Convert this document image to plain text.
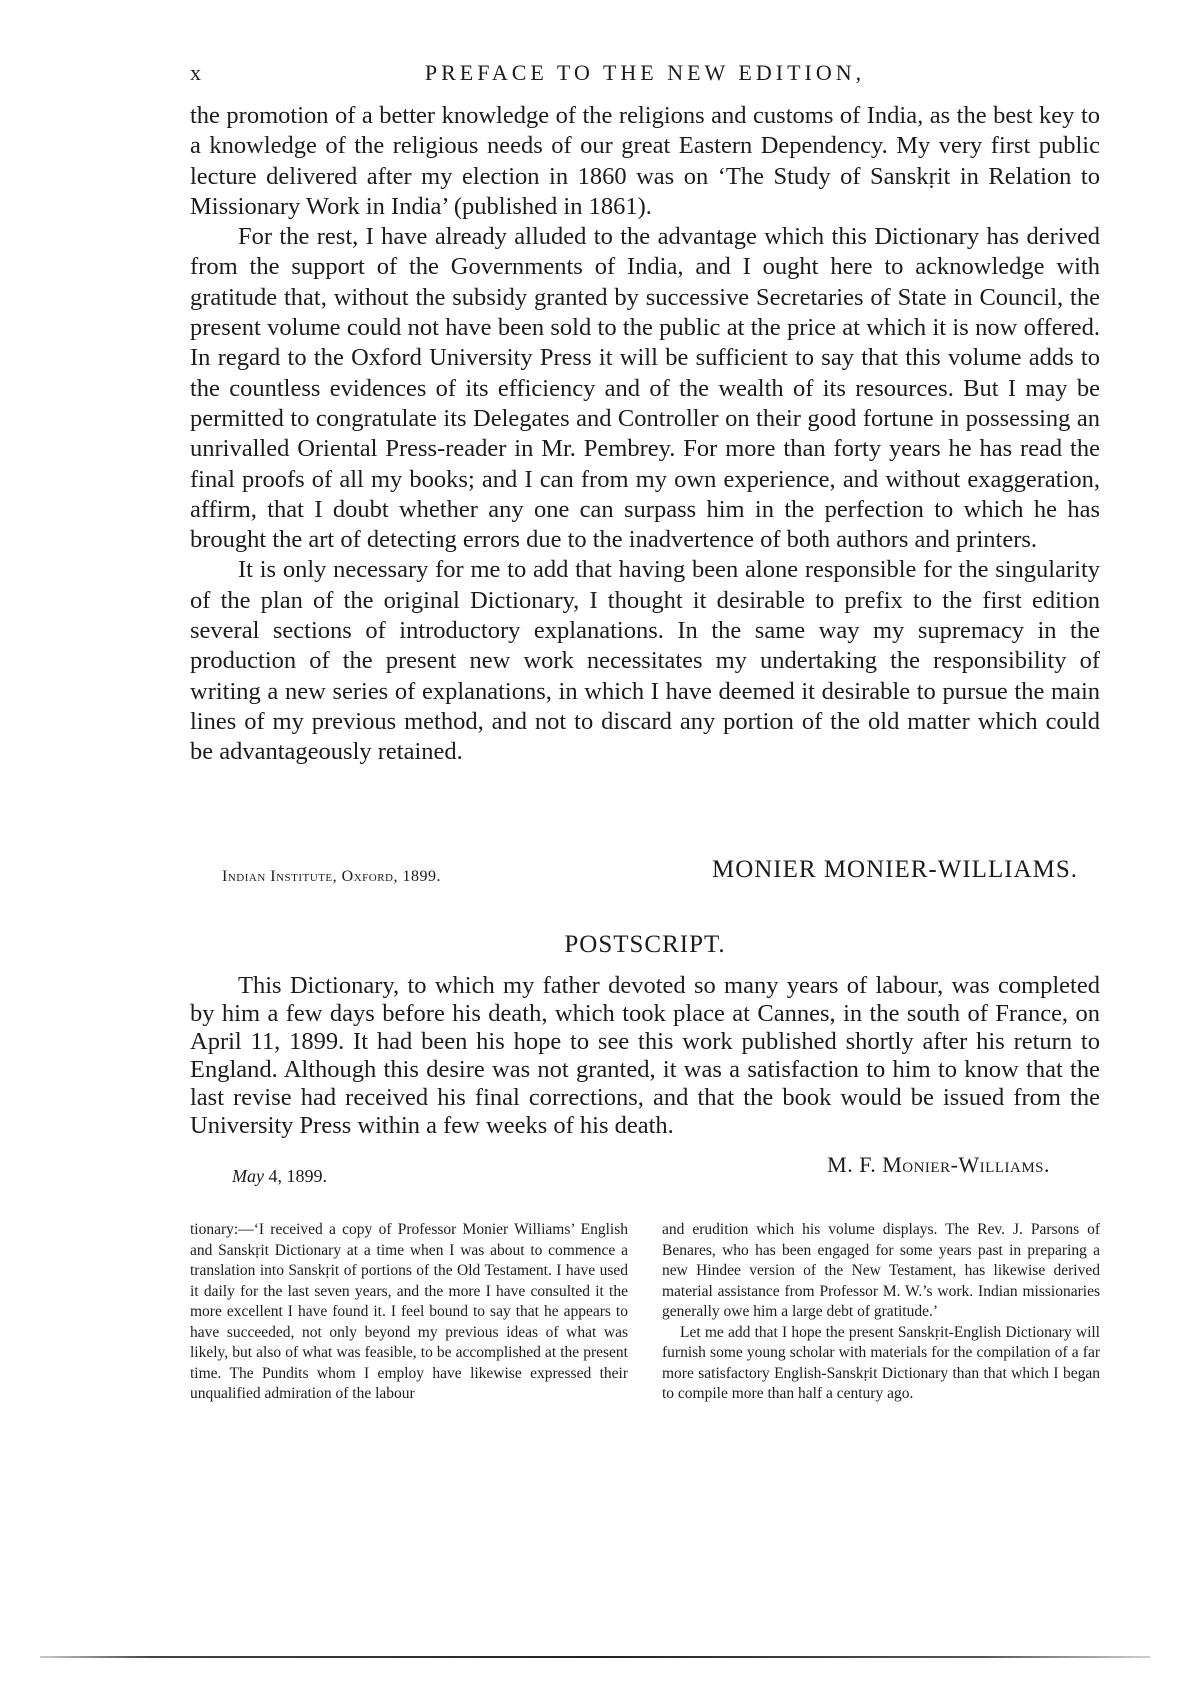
x	PREFACE TO THE NEW EDITION,

the promotion of a better knowledge of the religions and customs of India, as the best key to a knowledge of the religious needs of our great Eastern Dependency. My very first public lecture delivered after my election in 1860 was on ‘The Study of Sanskṛit in Relation to Missionary Work in India’ (published in 1861).

For the rest, I have already alluded to the advantage which this Dictionary has derived from the support of the Governments of India, and I ought here to acknowledge with gratitude that, without the subsidy granted by successive Secretaries of State in Council, the present volume could not have been sold to the public at the price at which it is now offered. In regard to the Oxford University Press it will be sufficient to say that this volume adds to the countless evidences of its efficiency and of the wealth of its resources. But I may be permitted to congratulate its Delegates and Controller on their good fortune in possessing an unrivalled Oriental Press-reader in Mr. Pembrey. For more than forty years he has read the final proofs of all my books; and I can from my own experience, and without exaggeration, affirm, that I doubt whether any one can surpass him in the perfection to which he has brought the art of detecting errors due to the inadvertence of both authors and printers.

It is only necessary for me to add that having been alone responsible for the singularity of the plan of the original Dictionary, I thought it desirable to prefix to the first edition several sections of introductory explanations. In the same way my supremacy in the production of the present new work necessitates my undertaking the responsibility of writing a new series of explanations, in which I have deemed it desirable to pursue the main lines of my previous method, and not to discard any portion of the old matter which could be advantageously retained.

Indian Institute, Oxford, 1899.	MONIER MONIER-WILLIAMS.
POSTSCRIPT.

This Dictionary, to which my father devoted so many years of labour, was completed by him a few days before his death, which took place at Cannes, in the south of France, on April 11, 1899. It had been his hope to see this work published shortly after his return to England. Although this desire was not granted, it was a satisfaction to him to know that the last revise had received his final corrections, and that the book would be issued from the University Press within a few weeks of his death.

May 4, 1899.	M. F. Monier-Williams.

tionary:—‘I received a copy of Professor Monier Williams’ English and Sanskṛit Dictionary at a time when I was about to commence a translation into Sanskṛit of portions of the Old Testament. I have used it daily for the last seven years, and the more I have consulted it the more excellent I have found it. I feel bound to say that he appears to have succeeded, not only beyond my previous ideas of what was likely, but also of what was feasible, to be accomplished at the present time. The Pundits whom I employ have likewise expressed their unqualified admiration of the labour

and erudition which his volume displays. The Rev. J. Parsons of Benares, who has been engaged for some years past in preparing a new Hindee version of the New Testament, has likewise derived material assistance from Professor M. W.’s work. Indian missionaries generally owe him a large debt of gratitude.’

Let me add that I hope the present Sanskṛit-English Dictionary will furnish some young scholar with materials for the compilation of a far more satisfactory English-Sanskṛit Dictionary than that which I began to compile more than half a century ago.
